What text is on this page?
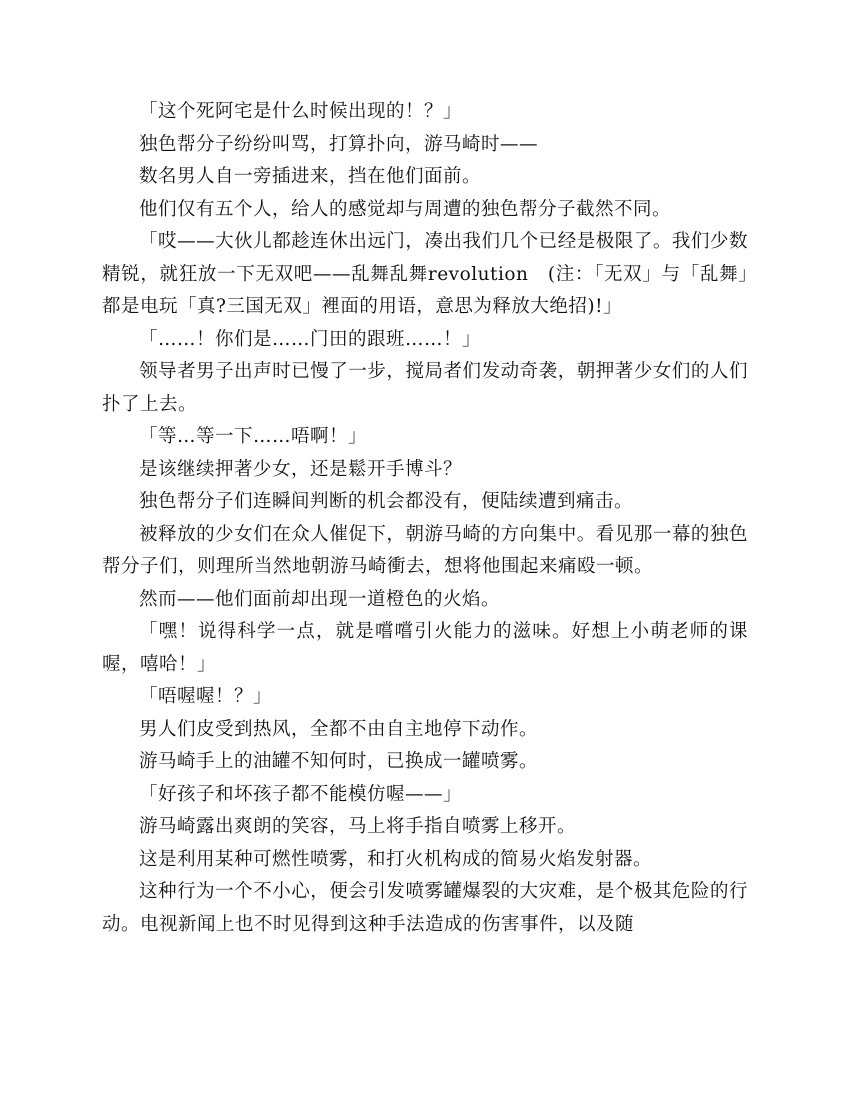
「这个死阿宅是什么时候出现的！？」

独色帮分子纷纷叫骂，打算扑向，游马崎时——

数名男人自一旁插进来，挡在他们面前。

他们仅有五个人，给人的感觉却与周遭的独色帮分子截然不同。

「哎——大伙儿都趁连休出远门，凑出我们几个已经是极限了。我们少数精锐，就狂放一下无双吧——乱舞乱舞revolution　(注：「无双」与「乱舞」都是电玩「真?三国无双」裡面的用语，意思为释放大绝招)!」

「……！你们是……门田的跟班……！」

领导者男子出声时已慢了一步，搅局者们发动奇袭，朝押著少女们的人们扑了上去。

「等…等一下……唔啊！」

是该继续押著少女，还是鬆开手博斗？

独色帮分子们连瞬间判断的机会都没有，便陆续遭到痛击。

被释放的少女们在众人催促下，朝游马崎的方向集中。看见那一幕的独色帮分子们，则理所当然地朝游马崎衝去，想将他围起来痛殴一顿。

然而——他们面前却出现一道橙色的火焰。

「嘿！说得科学一点，就是嚐嚐引火能力的滋味。好想上小萌老师的课喔，嘻哈！」

「唔喔喔！？」

男人们皮受到热风，全都不由自主地停下动作。

游马崎手上的油罐不知何时，已换成一罐喷雾。

「好孩子和坏孩子都不能模仿喔——」

游马崎露出爽朗的笑容，马上将手指自喷雾上移开。

这是利用某种可燃性喷雾，和打火机构成的简易火焰发射器。

这种行为一个不小心，便会引发喷雾罐爆裂的大灾难，是个极其危险的行动。电视新闻上也不时见得到这种手法造成的伤害事件，以及随
